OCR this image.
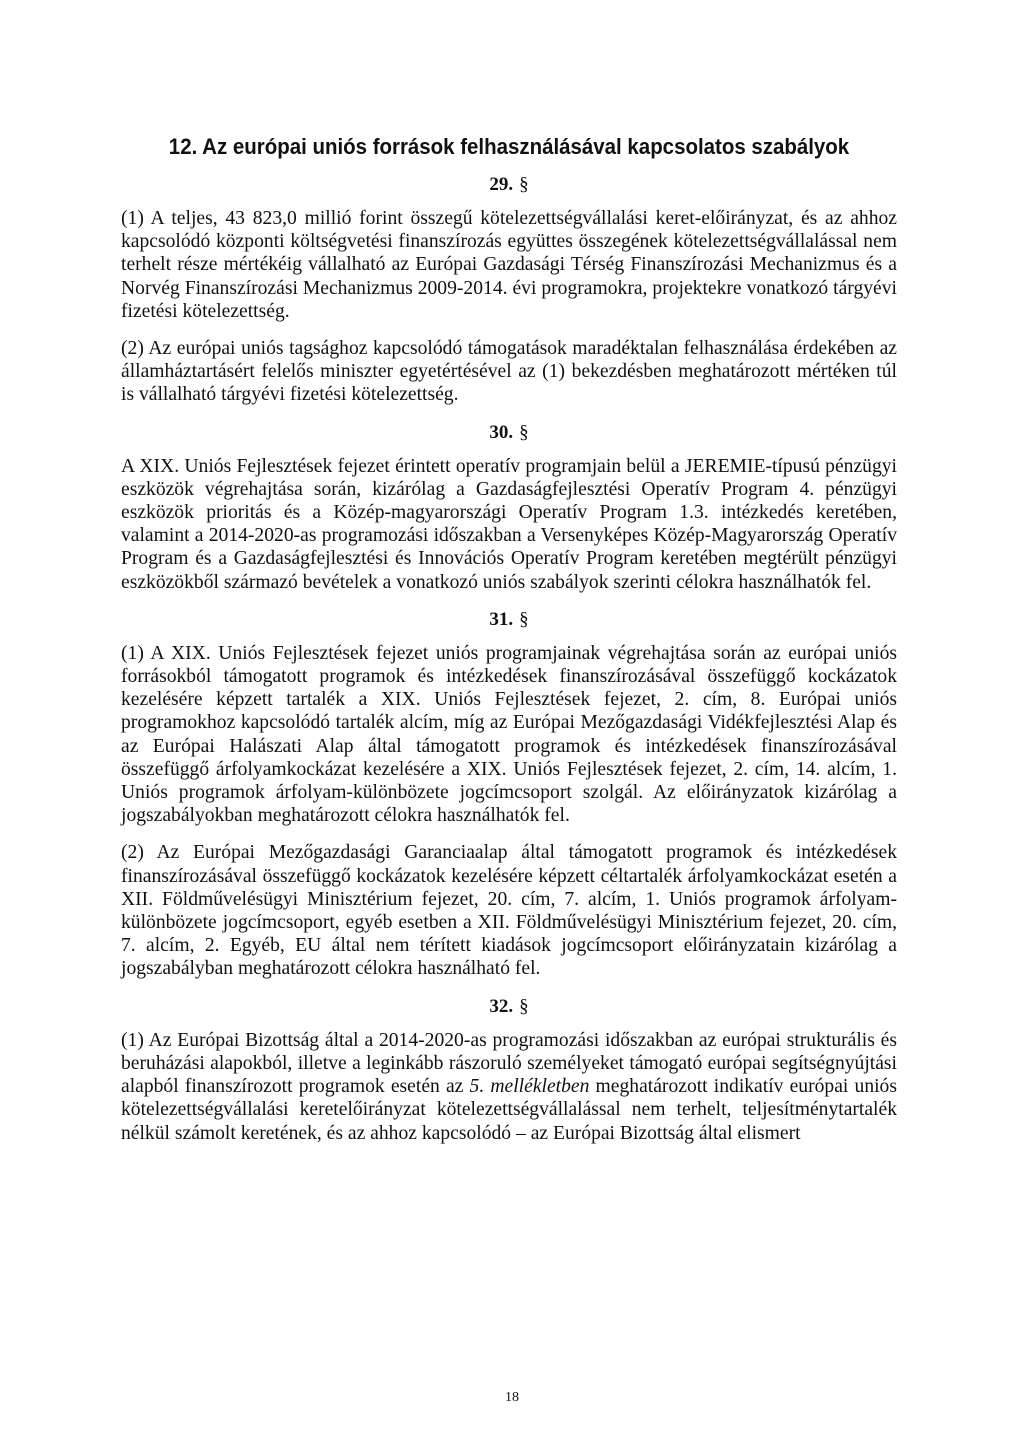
12. Az európai uniós források felhasználásával kapcsolatos szabályok

29. §

(1) A teljes, 43 823,0 millió forint összegű kötelezettségvállalási keret-előirányzat, és az ahhoz kapcsolódó központi költségvetési finanszírozás együttes összegének kötelezettségvállalással nem terhelt része mértékéig vállalható az Európai Gazdasági Térség Finanszírozási Mechanizmus és a Norvég Finanszírozási Mechanizmus 2009-2014. évi programokra, projektekre vonatkozó tárgyévi fizetési kötelezettség.

(2) Az európai uniós tagsághoz kapcsolódó támogatások maradéktalan felhasználása érdekében az államháztartásért felelős miniszter egyetértésével az (1) bekezdésben meghatározott mértéken túl is vállalható tárgyévi fizetési kötelezettség.

30. §

A XIX. Uniós Fejlesztések fejezet érintett operatív programjain belül a JEREMIE-típusú pénzügyi eszközök végrehajtása során, kizárólag a Gazdaságfejlesztési Operatív Program 4. pénzügyi eszközök prioritás és a Közép-magyarországi Operatív Program 1.3. intézkedés keretében, valamint a 2014-2020-as programozási időszakban a Versenyképes Közép-Magyarország Operatív Program és a Gazdaságfejlesztési és Innovációs Operatív Program keretében megtérült pénzügyi eszközökből származó bevételek a vonatkozó uniós szabályok szerinti célokra használhatók fel.

31. §

(1) A XIX. Uniós Fejlesztések fejezet uniós programjainak végrehajtása során az európai uniós forrásokból támogatott programok és intézkedések finanszírozásával összefüggő kockázatok kezelésére képzett tartalék a XIX. Uniós Fejlesztések fejezet, 2. cím, 8. Európai uniós programokhoz kapcsolódó tartalék alcím, míg az Európai Mezőgazdasági Vidékfejlesztési Alap és az Európai Halászati Alap által támogatott programok és intézkedések finanszírozásával összefüggő árfolyamkockázat kezelésére a XIX. Uniós Fejlesztések fejezet, 2. cím, 14. alcím, 1. Uniós programok árfolyam-különbözete jogcímcsoport szolgál. Az előirányzatok kizárólag a jogszabályokban meghatározott célokra használhatók fel.

(2) Az Európai Mezőgazdasági Garanciaalap által támogatott programok és intézkedések finanszírozásával összefüggő kockázatok kezelésére képzett céltartalék árfolyamkockázat esetén a XII. Földművelésügyi Minisztérium fejezet, 20. cím, 7. alcím, 1. Uniós programok árfolyam-különbözete jogcímcsoport, egyéb esetben a XII. Földművelésügyi Minisztérium fejezet, 20. cím, 7. alcím, 2. Egyéb, EU által nem térített kiadások jogcímcsoport előirányzatain kizárólag a jogszabályban meghatározott célokra használható fel.

32. §

(1) Az Európai Bizottság által a 2014-2020-as programozási időszakban az európai strukturális és beruházási alapokból, illetve a leginkább rászoruló személyeket támogató európai segítségnyújtási alapból finanszírozott programok esetén az 5. mellékletben meghatározott indikatív európai uniós kötelezettségvállalási keretelőirányzat kötelezettségvállalással nem terhelt, teljesítménytartalék nélkül számolt keretének, és az ahhoz kapcsolódó – az Európai Bizottság által elismert

18
